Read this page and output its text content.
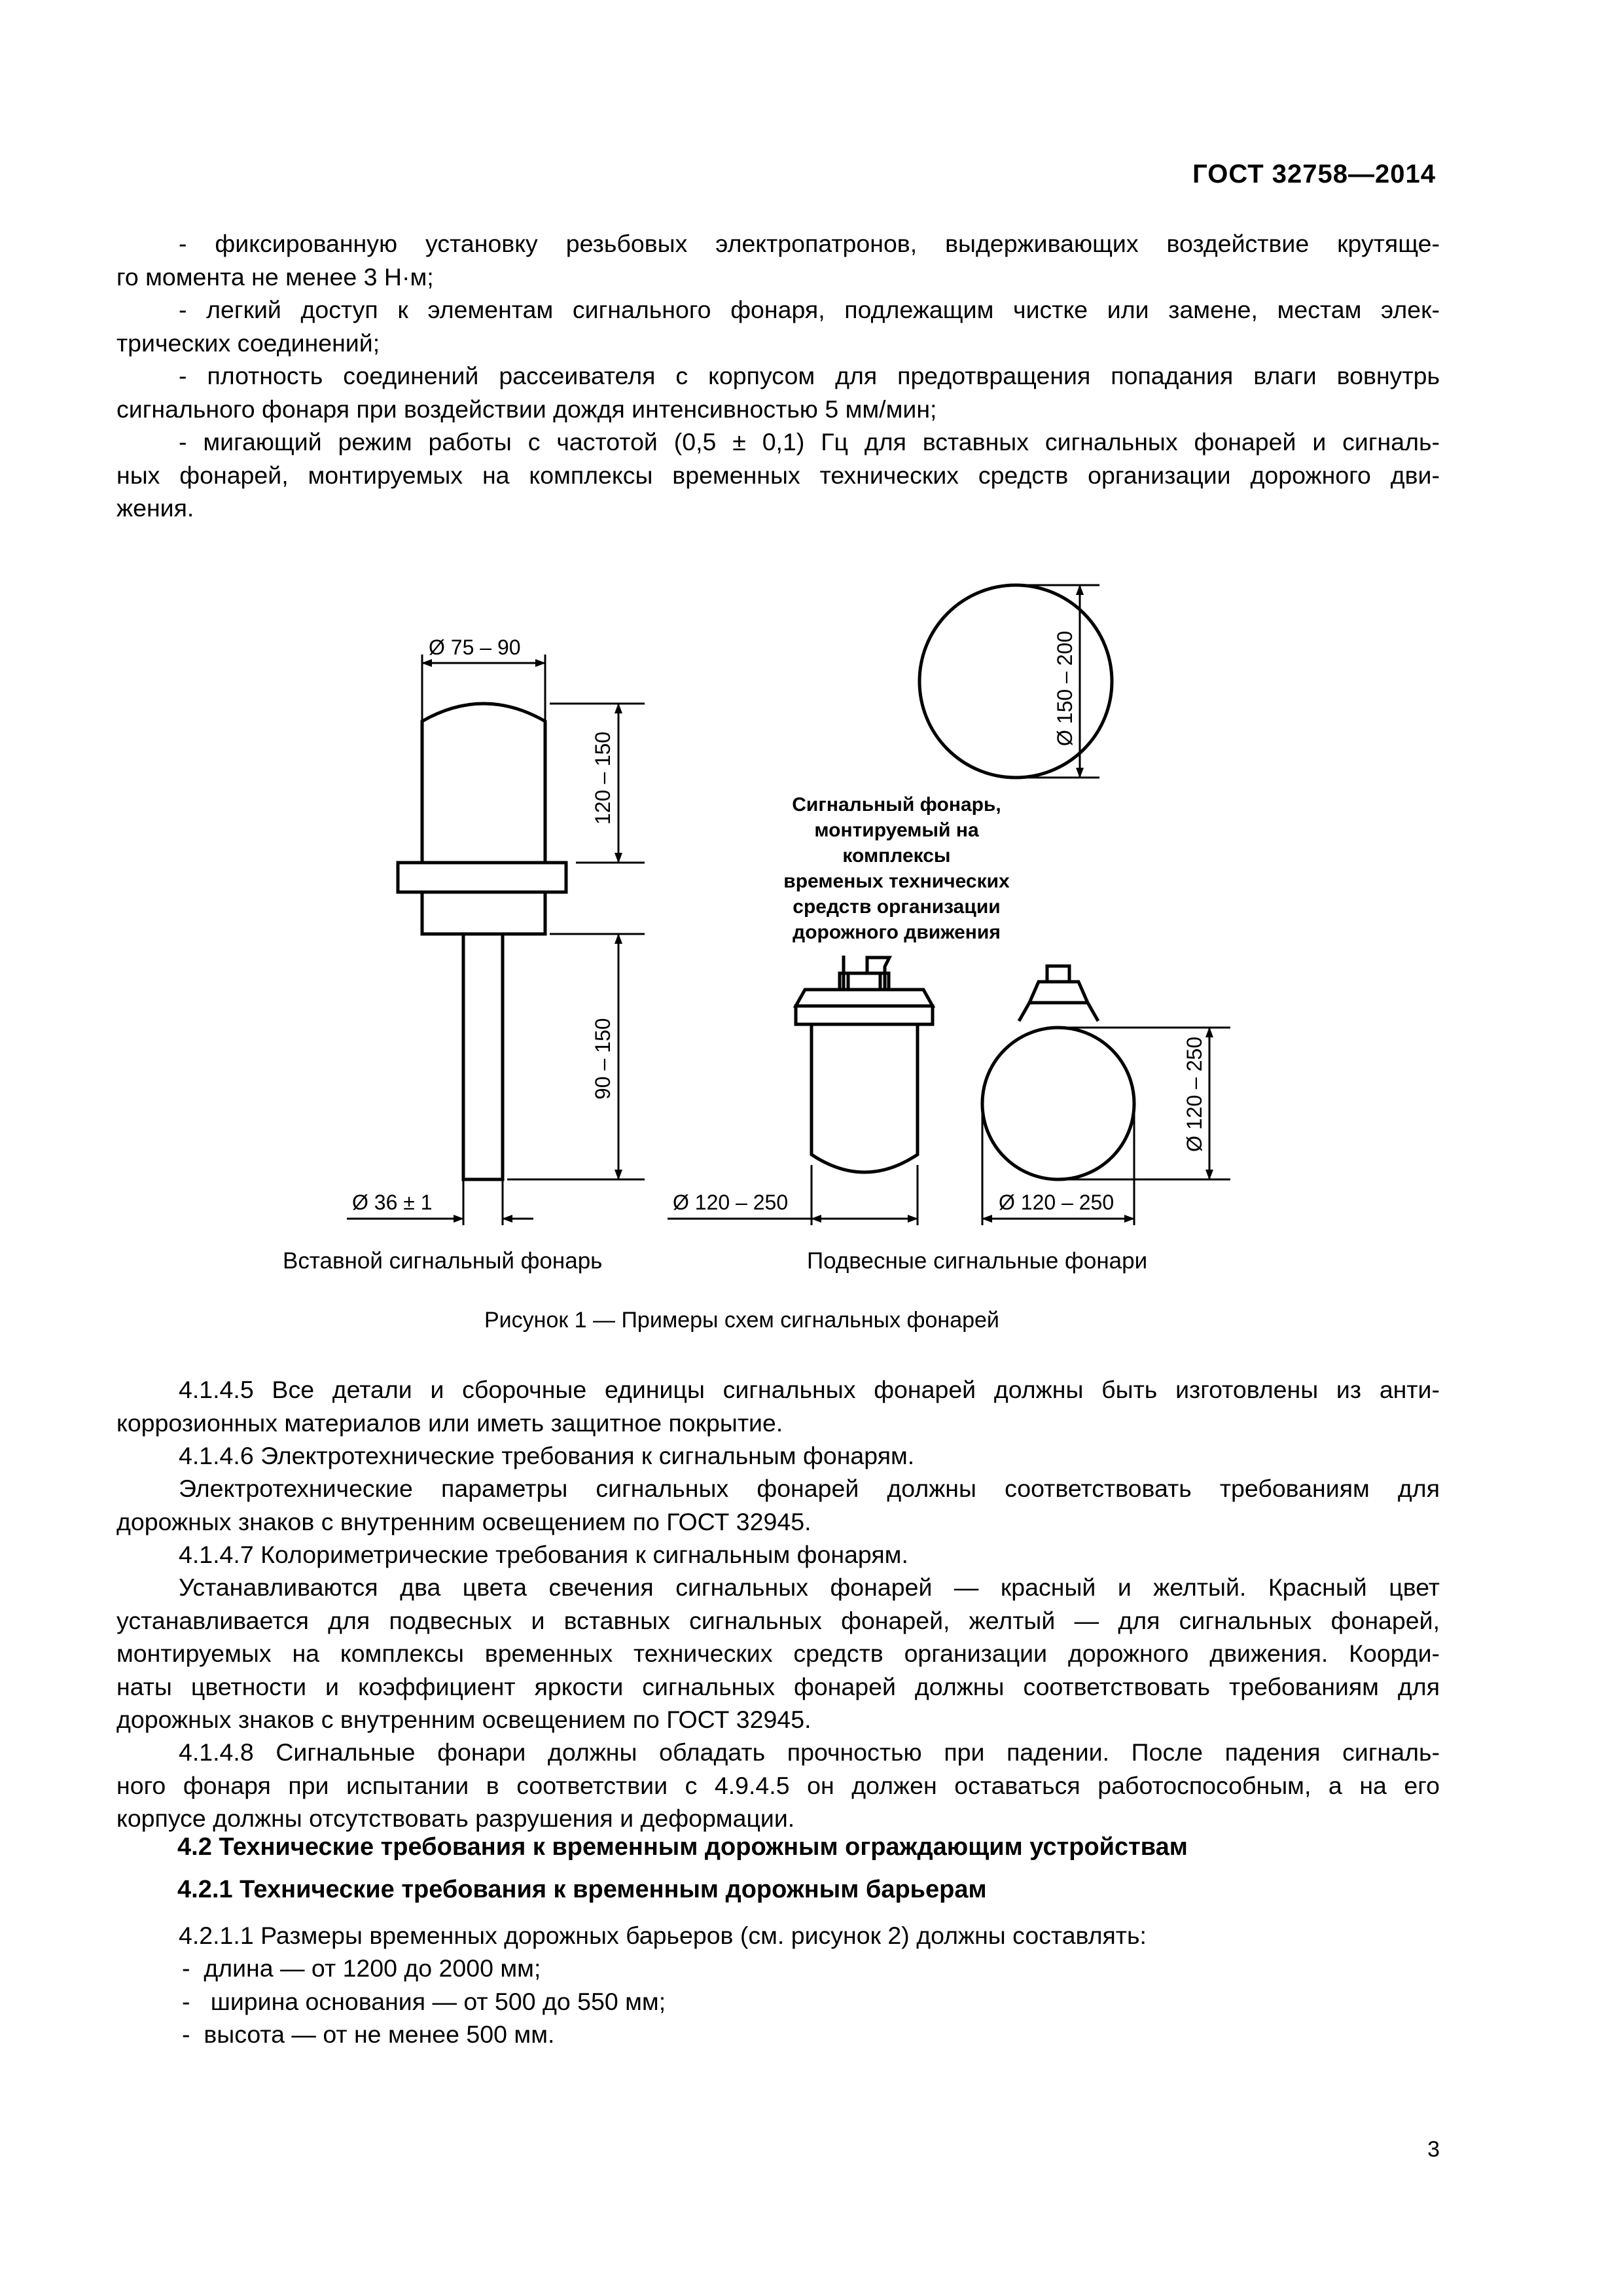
ГОСТ 32758—2014
- фиксированную установку резьбовых электропатронов, выдерживающих воздействие крутяще-
го момента не менее 3 Н·м;
- легкий доступ к элементам сигнального фонаря, подлежащим чистке или замене, местам элек-
трических соединений;
- плотность соединений рассеивателя с корпусом для предотвращения попадания влаги вовнутрь
сигнального фонаря при воздействии дождя интенсивностью 5 мм/мин;
- мигающий режим работы с частотой (0,5 ± 0,1) Гц для вставных сигнальных фонарей и сигналь-
ных фонарей, монтируемых на комплексы временных технических средств организации дорожного дви-
жения.
Ø 75 – 90
120 – 150
90 – 150
Ø 36 ± 1
Ø 150 – 200
Ø 120 – 250	Ø 120 – 250
Ø 120 – 250
Сигнальный фонарь,
монтируемый на комплексы
временых технических
средств организации
дорожного движения
Вставной сигнальный фонарь	Подвесные сигнальные фонари
Рисунок 1 — Примеры схем сигнальных фонарей
4.1.4.5 Все детали и сборочные единицы сигнальных фонарей должны быть изготовлены из анти-
коррозионных материалов или иметь защитное покрытие.
4.1.4.6 Электротехнические требования к сигнальным фонарям.
Электротехнические параметры сигнальных фонарей должны соответствовать требованиям для
дорожных знаков с внутренним освещением по ГОСТ 32945.
4.1.4.7 Колориметрические требования к сигнальным фонарям.
Устанавливаются два цвета свечения сигнальных фонарей — красный и желтый. Красный цвет
устанавливается для подвесных и вставных сигнальных фонарей, желтый — для сигнальных фонарей,
монтируемых на комплексы временных технических средств организации дорожного движения. Коорди-
наты цветности и коэффициент яркости сигнальных фонарей должны соответствовать требованиям для
дорожных знаков с внутренним освещением по ГОСТ 32945.
4.1.4.8 Сигнальные фонари должны обладать прочностью при падении. После падения сигналь-
ного фонаря при испытании в соответствии с 4.9.4.5 он должен оставаться работоспособным, а на его
корпусе должны отсутствовать разрушения и деформации.
4.2 Технические требования к временным дорожным ограждающим устройствам
4.2.1 Технические требования к временным дорожным барьерам
4.2.1.1 Размеры временных дорожных барьеров (см. рисунок 2) должны составлять:
-  длина — от 1200 до 2000 мм;
-   ширина основания — от 500 до 550 мм;
-  высота — от не менее 500 мм.
3
